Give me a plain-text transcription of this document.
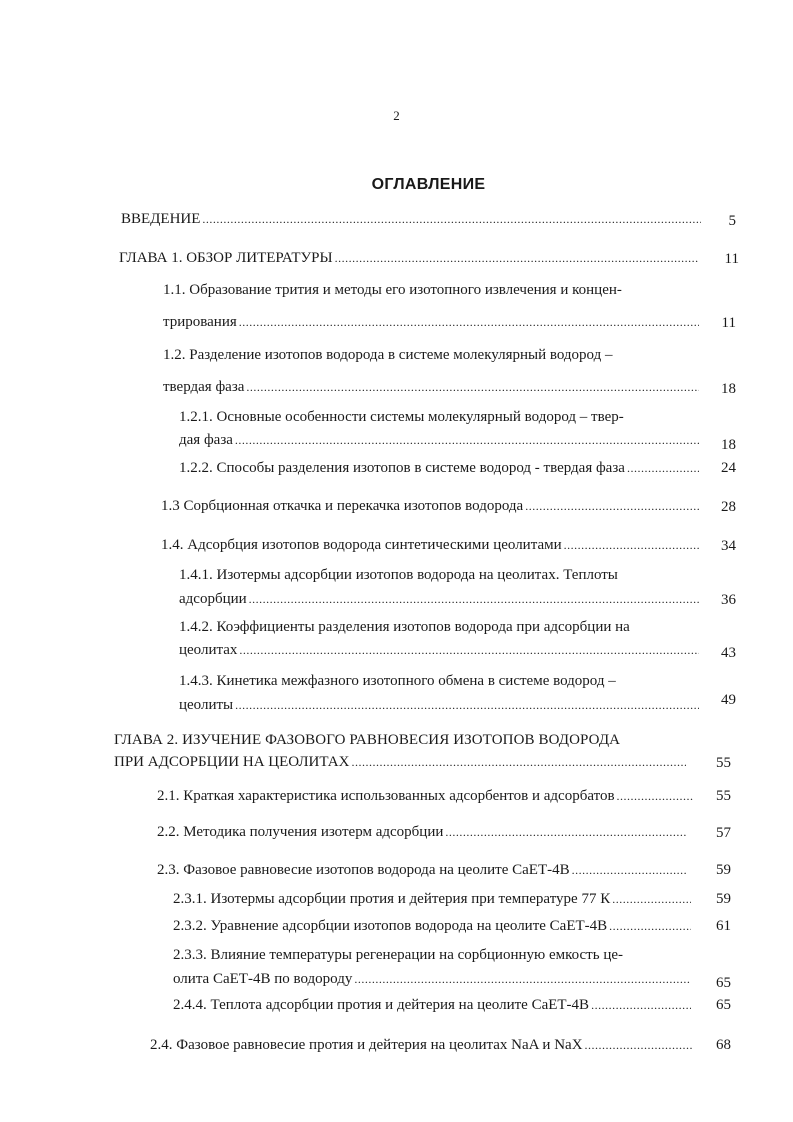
2
ОГЛАВЛЕНИЕ
ВВЕДЕНИЕ .....	5
ГЛАВА 1. ОБЗОР ЛИТЕРАТУРЫ .....	11
1.1. Образование трития и методы его изотопного извлечения и концен-
трирования .....	11
1.2. Разделение изотопов водорода в системе молекулярный водород –
твердая фаза .....	18
1.2.1. Основные особенности системы молекулярный водород – твер-
дая фаза .....	18
1.2.2. Способы разделения изотопов в системе водород - твердая фаза .....	24
1.3 Сорбционная откачка и перекачка изотопов водорода .....	28
1.4. Адсорбция изотопов водорода синтетическими цеолитами .....	34
1.4.1. Изотермы адсорбции изотопов водорода на цеолитах. Теплоты
адсорбции .....	36
1.4.2. Коэффициенты разделения изотопов водорода при адсорбции на
цеолитах .....	43
1.4.3. Кинетика межфазного изотопного обмена в системе водород –
цеолиты .....	49
ГЛАВА 2. ИЗУЧЕНИЕ ФАЗОВОГО РАВНОВЕСИЯ ИЗОТОПОВ ВОДОРОДА
ПРИ АДСОРБЦИИ НА ЦЕОЛИТАХ .....	55
2.1. Краткая характеристика использованных адсорбентов и адсорбатов .....	55
2.2. Методика получения изотерм адсорбции .....	57
2.3. Фазовое равновесие изотопов водорода на цеолите СаЕТ-4В .....	59
2.3.1. Изотермы адсорбции протия и дейтерия при температуре 77 К .....	59
2.3.2. Уравнение адсорбции изотопов водорода на цеолите СаЕТ-4В .....	61
2.3.3. Влияние температуры регенерации на сорбционную емкость це-
олита СаЕТ-4В по водороду .....	65
2.4.4. Теплота адсорбции протия и дейтерия на цеолите СаЕТ-4В .....	65
2.4. Фазовое равновесие протия и дейтерия на цеолитах NaA и NaX .....	68
